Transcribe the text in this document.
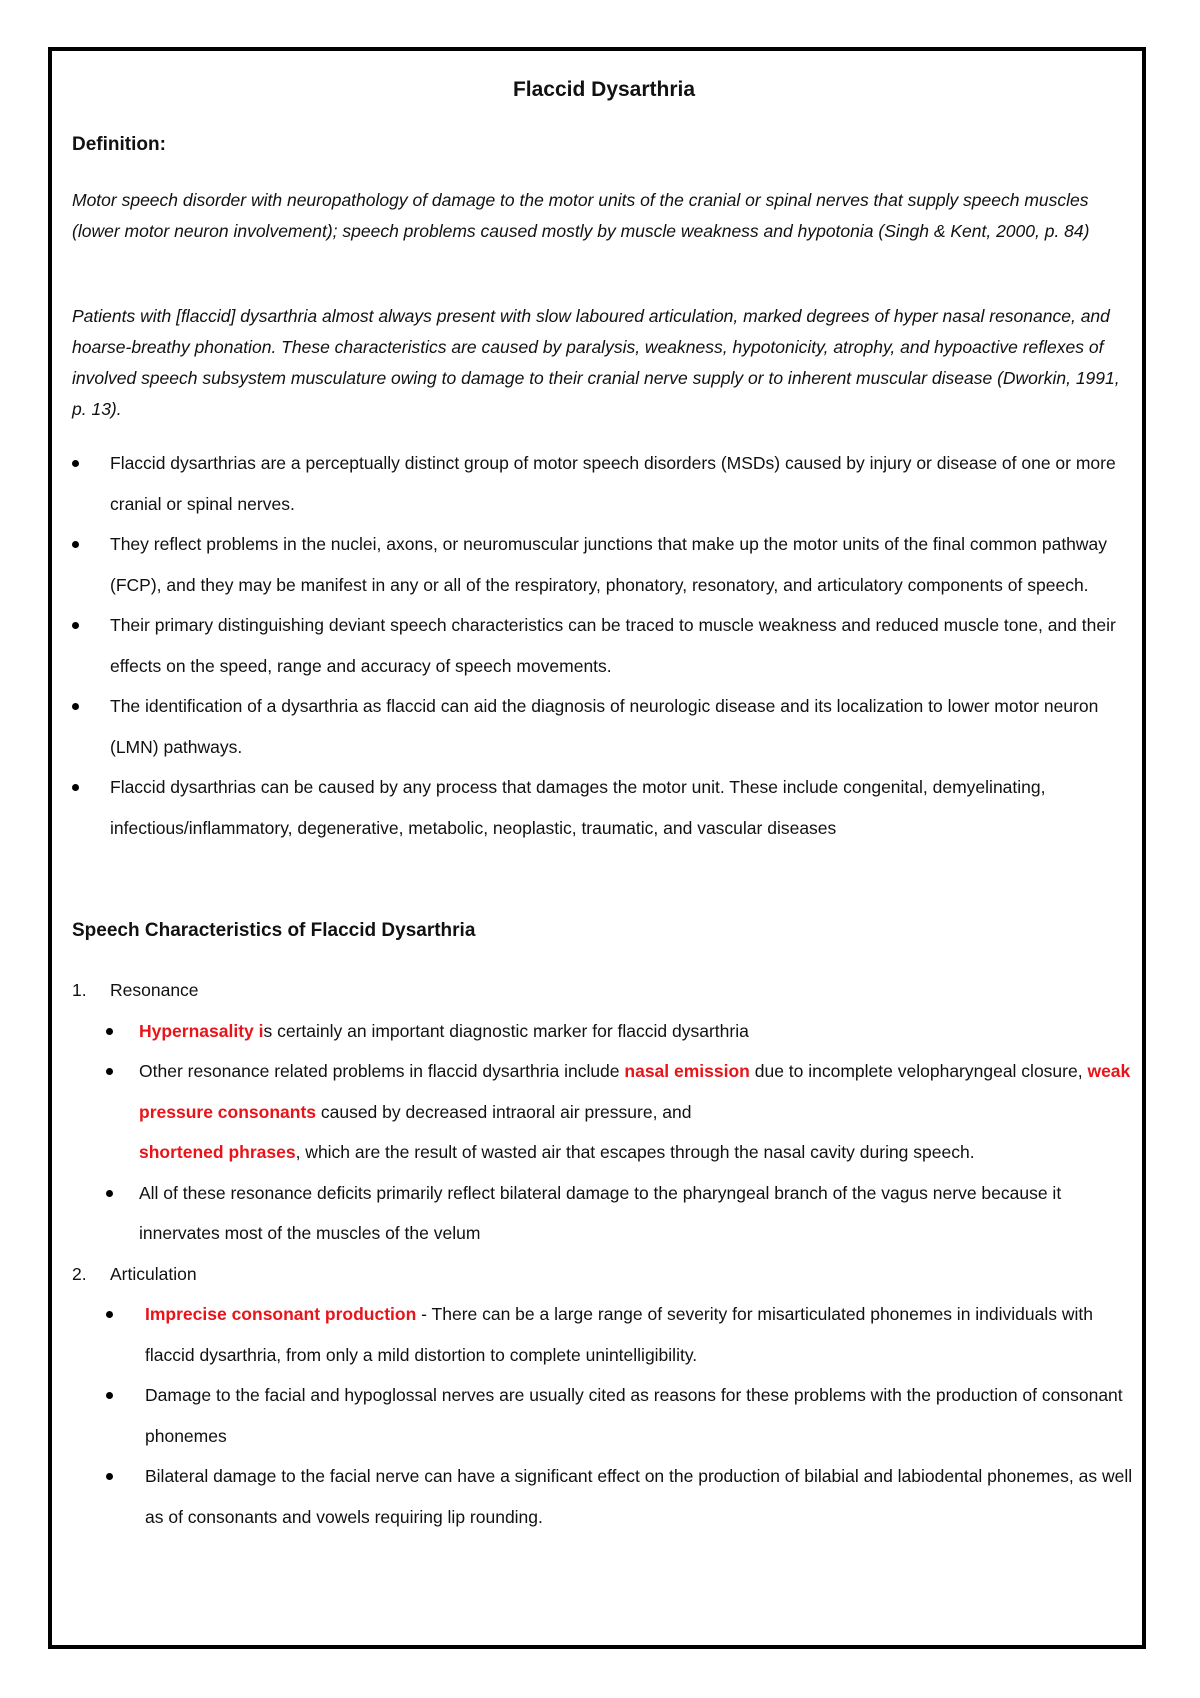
Flaccid Dysarthria

Definition:

Motor speech disorder with neuropathology of damage to the motor units of the cranial or spinal nerves that supply speech muscles (lower motor neuron involvement); speech problems caused mostly by muscle weakness and hypotonia (Singh & Kent, 2000, p. 84)

Patients with [flaccid] dysarthria almost always present with slow laboured articulation, marked degrees of hyper nasal resonance, and hoarse-breathy phonation. These characteristics are caused by paralysis, weakness, hypotonicity, atrophy, and hypoactive reflexes of involved speech subsystem musculature owing to damage to their cranial nerve supply or to inherent muscular disease (Dworkin, 1991, p. 13).

Flaccid dysarthrias are a perceptually distinct group of motor speech disorders (MSDs) caused by injury or disease of one or more cranial or spinal nerves.
They reflect problems in the nuclei, axons, or neuromuscular junctions that make up the motor units of the final common pathway (FCP), and they may be manifest in any or all of the respiratory, phonatory, resonatory, and articulatory components of speech.
Their primary distinguishing deviant speech characteristics can be traced to muscle weakness and reduced muscle tone, and their effects on the speed, range and accuracy of speech movements.
The identification of a dysarthria as flaccid can aid the diagnosis of neurologic disease and its localization to lower motor neuron (LMN) pathways.
Flaccid dysarthrias can be caused by any process that damages the motor unit. These include congenital, demyelinating, infectious/inflammatory, degenerative, metabolic, neoplastic, traumatic, and vascular diseases
Speech Characteristics of Flaccid Dysarthria
1. Resonance
Hypernasality is certainly an important diagnostic marker for flaccid dysarthria
Other resonance related problems in flaccid dysarthria include nasal emission due to incomplete velopharyngeal closure, weak pressure consonants caused by decreased intraoral air pressure, and
shortened phrases, which are the result of wasted air that escapes through the nasal cavity during speech.
All of these resonance deficits primarily reflect bilateral damage to the pharyngeal branch of the vagus nerve because it innervates most of the muscles of the velum
2. Articulation
Imprecise consonant production - There can be a large range of severity for misarticulated phonemes in individuals with flaccid dysarthria, from only a mild distortion to complete unintelligibility.
Damage to the facial and hypoglossal nerves are usually cited as reasons for these problems with the production of consonant phonemes
Bilateral damage to the facial nerve can have a significant effect on the production of bilabial and labiodental phonemes, as well as of consonants and vowels requiring lip rounding.
